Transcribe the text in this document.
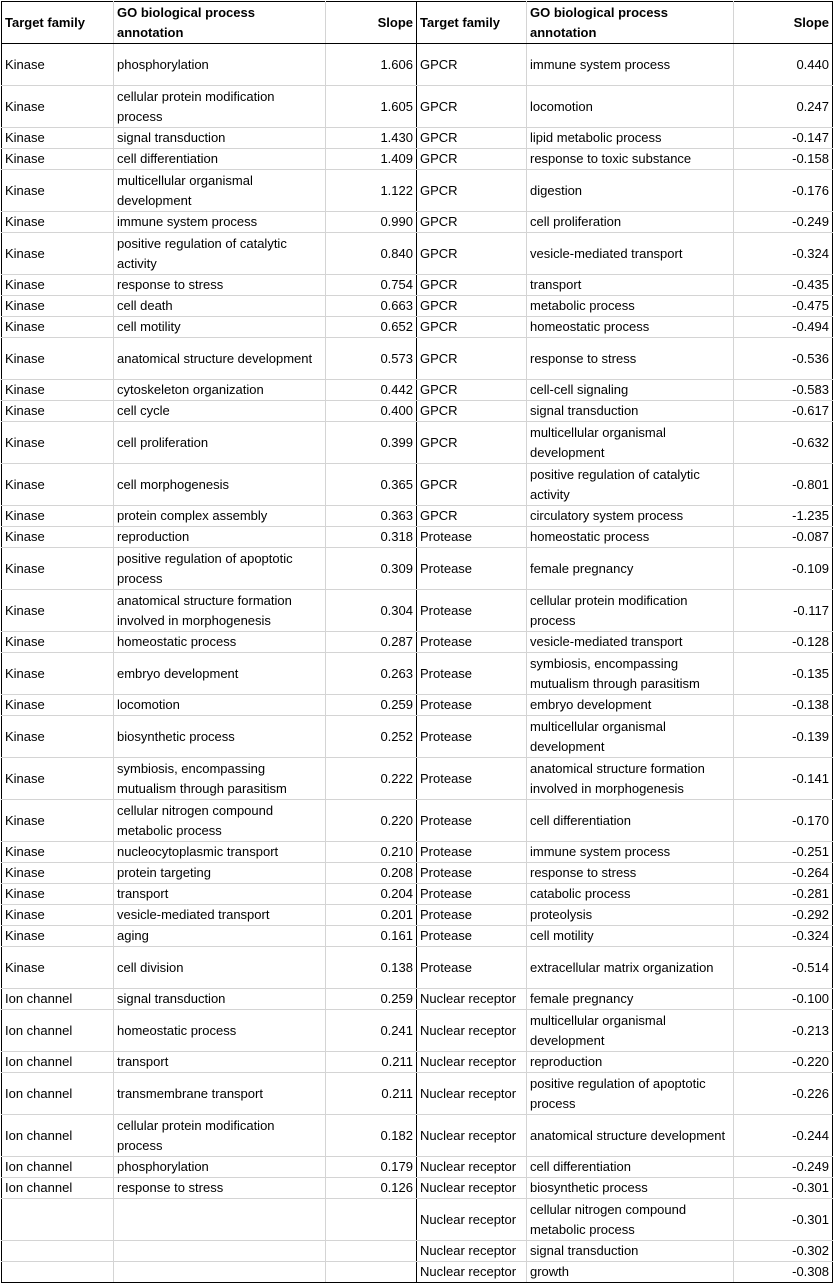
Target family	GO biological process annotation	Slope	Target family	GO biological process annotation	Slope
Kinase	phosphorylation	1.606	GPCR	immune system process	0.440
Kinase	cellular protein modification process	1.605	GPCR	locomotion	0.247
Kinase	signal transduction	1.430	GPCR	lipid metabolic process	-0.147
Kinase	cell differentiation	1.409	GPCR	response to toxic substance	-0.158
Kinase	multicellular organismal development	1.122	GPCR	digestion	-0.176
Kinase	immune system process	0.990	GPCR	cell proliferation	-0.249
Kinase	positive regulation of catalytic activity	0.840	GPCR	vesicle-mediated transport	-0.324
Kinase	response to stress	0.754	GPCR	transport	-0.435
Kinase	cell death	0.663	GPCR	metabolic process	-0.475
Kinase	cell motility	0.652	GPCR	homeostatic process	-0.494
Kinase	anatomical structure development	0.573	GPCR	response to stress	-0.536
Kinase	cytoskeleton organization	0.442	GPCR	cell-cell signaling	-0.583
Kinase	cell cycle	0.400	GPCR	signal transduction	-0.617
Kinase	cell proliferation	0.399	GPCR	multicellular organismal development	-0.632
Kinase	cell morphogenesis	0.365	GPCR	positive regulation of catalytic activity	-0.801
Kinase	protein complex assembly	0.363	GPCR	circulatory system process	-1.235
Kinase	reproduction	0.318	Protease	homeostatic process	-0.087
Kinase	positive regulation of apoptotic process	0.309	Protease	female pregnancy	-0.109
Kinase	anatomical structure formation involved in morphogenesis	0.304	Protease	cellular protein modification process	-0.117
Kinase	homeostatic process	0.287	Protease	vesicle-mediated transport	-0.128
Kinase	embryo development	0.263	Protease	symbiosis, encompassing mutualism through parasitism	-0.135
Kinase	locomotion	0.259	Protease	embryo development	-0.138
Kinase	biosynthetic process	0.252	Protease	multicellular organismal development	-0.139
Kinase	symbiosis, encompassing mutualism through parasitism	0.222	Protease	anatomical structure formation involved in morphogenesis	-0.141
Kinase	cellular nitrogen compound metabolic process	0.220	Protease	cell differentiation	-0.170
Kinase	nucleocytoplasmic transport	0.210	Protease	immune system process	-0.251
Kinase	protein targeting	0.208	Protease	response to stress	-0.264
Kinase	transport	0.204	Protease	catabolic process	-0.281
Kinase	vesicle-mediated transport	0.201	Protease	proteolysis	-0.292
Kinase	aging	0.161	Protease	cell motility	-0.324
Kinase	cell division	0.138	Protease	extracellular matrix organization	-0.514
Ion channel	signal transduction	0.259	Nuclear receptor	female pregnancy	-0.100
Ion channel	homeostatic process	0.241	Nuclear receptor	multicellular organismal development	-0.213
Ion channel	transport	0.211	Nuclear receptor	reproduction	-0.220
Ion channel	transmembrane transport	0.211	Nuclear receptor	positive regulation of apoptotic process	-0.226
Ion channel	cellular protein modification process	0.182	Nuclear receptor	anatomical structure development	-0.244
Ion channel	phosphorylation	0.179	Nuclear receptor	cell differentiation	-0.249
Ion channel	response to stress	0.126	Nuclear receptor	biosynthetic process	-0.301
			Nuclear receptor	cellular nitrogen compound metabolic process	-0.301
			Nuclear receptor	signal transduction	-0.302
			Nuclear receptor	growth	-0.308
